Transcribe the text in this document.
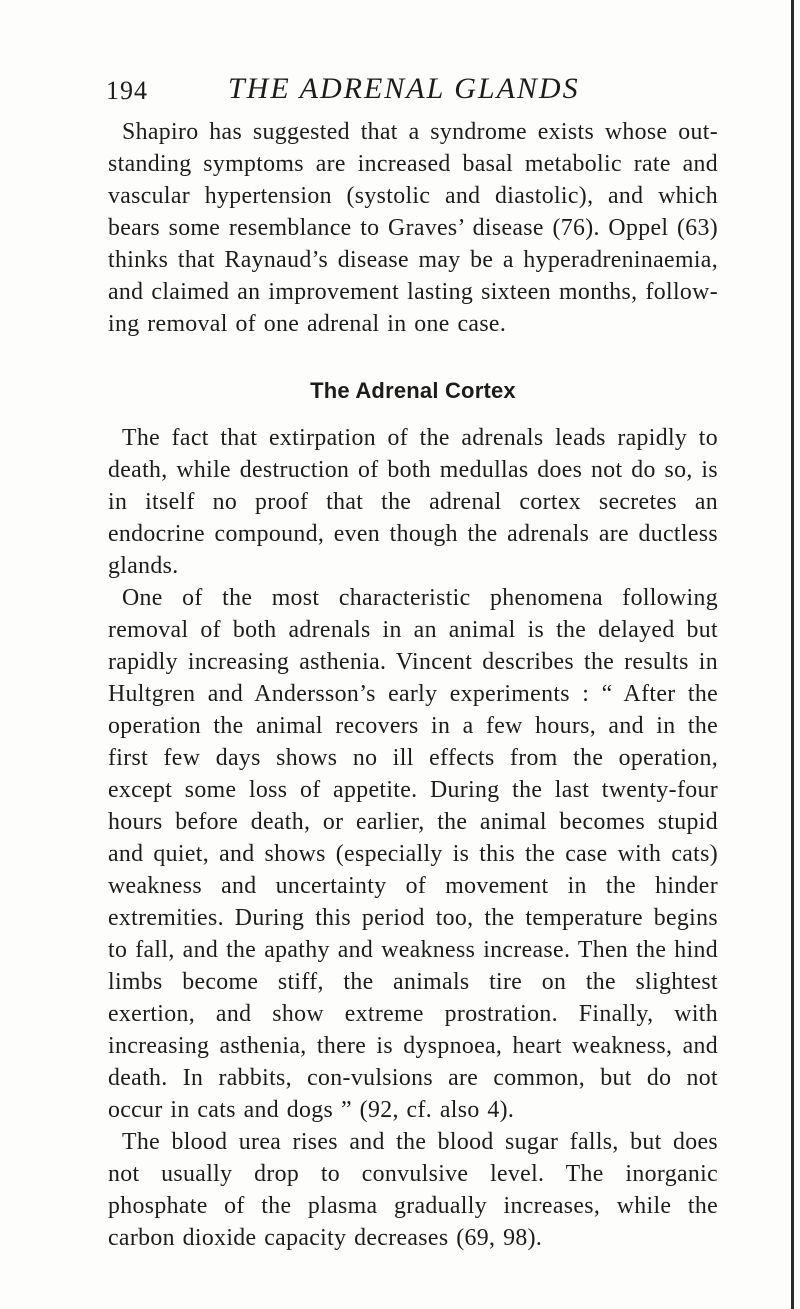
194	THE ADRENAL GLANDS

Shapiro has suggested that a syndrome exists whose out-standing symptoms are increased basal metabolic rate and vascular hypertension (systolic and diastolic), and which bears some resemblance to Graves’ disease (76). Oppel (63) thinks that Raynaud’s disease may be a hyperadreninaemia, and claimed an improvement lasting sixteen months, follow-ing removal of one adrenal in one case.

The Adrenal Cortex

The fact that extirpation of the adrenals leads rapidly to death, while destruction of both medullas does not do so, is in itself no proof that the adrenal cortex secretes an endocrine compound, even though the adrenals are ductless glands.

One of the most characteristic phenomena following removal of both adrenals in an animal is the delayed but rapidly increasing asthenia. Vincent describes the results in Hultgren and Andersson’s early experiments : “ After the operation the animal recovers in a few hours, and in the first few days shows no ill effects from the operation, except some loss of appetite. During the last twenty-four hours before death, or earlier, the animal becomes stupid and quiet, and shows (especially is this the case with cats) weakness and uncertainty of movement in the hinder extremities. During this period too, the temperature begins to fall, and the apathy and weakness increase. Then the hind limbs become stiff, the animals tire on the slightest exertion, and show extreme prostration. Finally, with increasing asthenia, there is dyspnoea, heart weakness, and death. In rabbits, con-vulsions are common, but do not occur in cats and dogs ” (92, cf. also 4).

The blood urea rises and the blood sugar falls, but does not usually drop to convulsive level. The inorganic phosphate of the plasma gradually increases, while the carbon dioxide capacity decreases (69, 98).
